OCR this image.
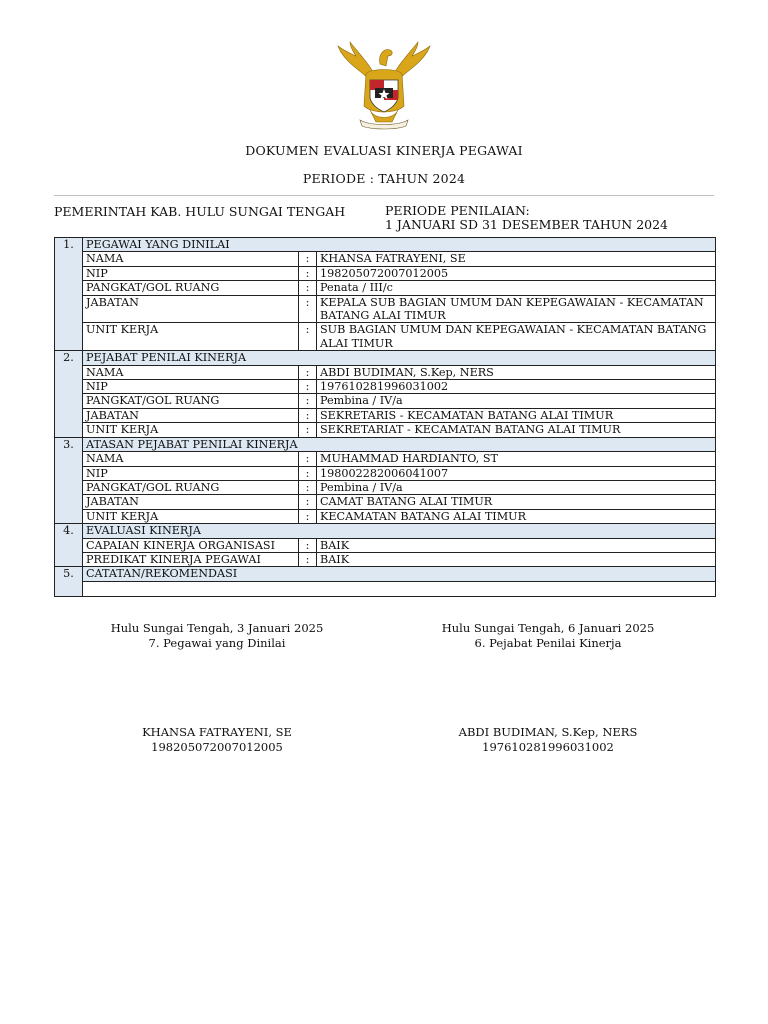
DOKUMEN EVALUASI KINERJA PEGAWAI
PERIODE : TAHUN 2024
PEMERINTAH KAB. HULU SUNGAI TENGAH	PERIODE PENILAIAN:
1 JANUARI SD 31 DESEMBER TAHUN 2024
1.	PEGAWAI YANG DINILAI		
	NAMA	:	KHANSA FATRAYENI, SE
	NIP	:	198205072007012005
	PANGKAT/GOL RUANG	:	Penata / III/c
	JABATAN	:	KEPALA SUB BAGIAN UMUM DAN KEPEGAWAIAN - KECAMATAN BATANG ALAI TIMUR
	UNIT KERJA	:	SUB BAGIAN UMUM DAN KEPEGAWAIAN - KECAMATAN BATANG ALAI TIMUR
2.	PEJABAT PENILAI KINERJA		
	NAMA	:	ABDI BUDIMAN, S.Kep, NERS
	NIP	:	197610281996031002
	PANGKAT/GOL RUANG	:	Pembina / IV/a
	JABATAN	:	SEKRETARIS - KECAMATAN BATANG ALAI TIMUR
	UNIT KERJA	:	SEKRETARIAT - KECAMATAN BATANG ALAI TIMUR
3.	ATASAN PEJABAT PENILAI KINERJA		
	NAMA	:	MUHAMMAD HARDIANTO, ST
	NIP	:	198002282006041007
	PANGKAT/GOL RUANG	:	Pembina / IV/a
	JABATAN	:	CAMAT BATANG ALAI TIMUR
	UNIT KERJA	:	KECAMATAN BATANG ALAI TIMUR
4.	EVALUASI KINERJA		
	CAPAIAN KINERJA ORGANISASI	:	BAIK
	PREDIKAT KINERJA PEGAWAI	:	BAIK
5.	CATATAN/REKOMENDASI		

Hulu Sungai Tengah, 3 Januari 2025
7. Pegawai yang Dinilai
KHANSA FATRAYENI, SE
198205072007012005
Hulu Sungai Tengah, 6 Januari 2025
6. Pejabat Penilai Kinerja
ABDI BUDIMAN, S.Kep, NERS
197610281996031002
